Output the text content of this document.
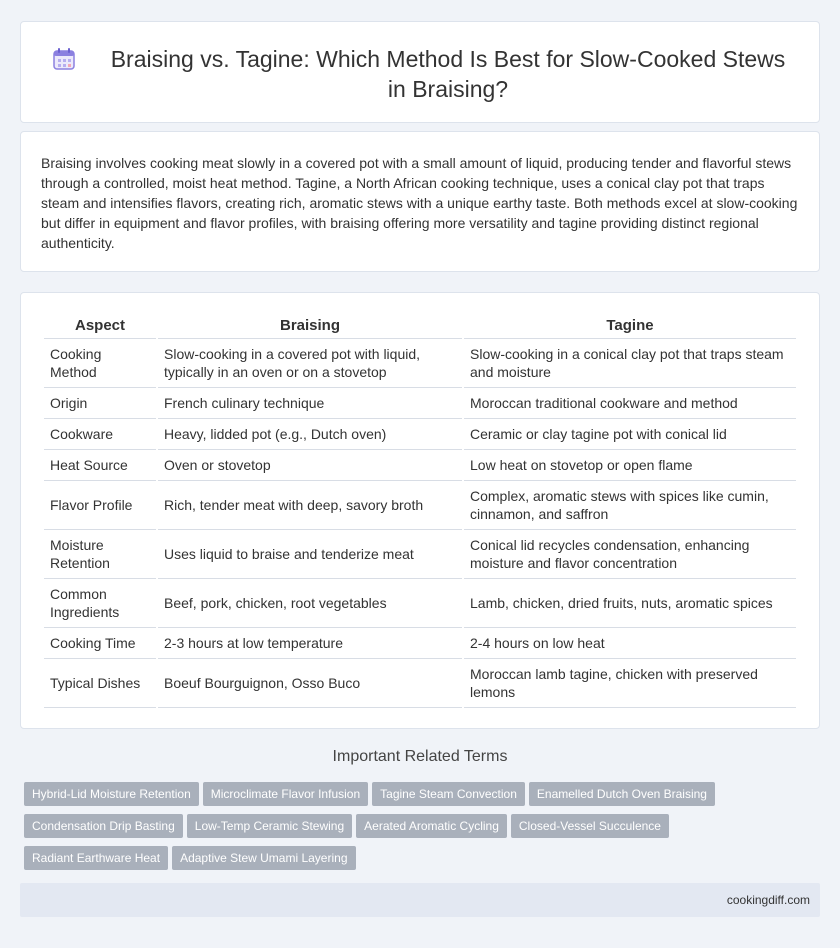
Braising vs. Tagine: Which Method Is Best for Slow-Cooked Stews in Braising?

Braising involves cooking meat slowly in a covered pot with a small amount of liquid, producing tender and flavorful stews through a controlled, moist heat method. Tagine, a North African cooking technique, uses a conical clay pot that traps steam and intensifies flavors, creating rich, aromatic stews with a unique earthy taste. Both methods excel at slow-cooking but differ in equipment and flavor profiles, with braising offering more versatility and tagine providing distinct regional authenticity.

Aspect	Braising	Tagine
Cooking Method	Slow-cooking in a covered pot with liquid, typically in an oven or on a stovetop	Slow-cooking in a conical clay pot that traps steam and moisture
Origin	French culinary technique	Moroccan traditional cookware and method
Cookware	Heavy, lidded pot (e.g., Dutch oven)	Ceramic or clay tagine pot with conical lid
Heat Source	Oven or stovetop	Low heat on stovetop or open flame
Flavor Profile	Rich, tender meat with deep, savory broth	Complex, aromatic stews with spices like cumin, cinnamon, and saffron
Moisture Retention	Uses liquid to braise and tenderize meat	Conical lid recycles condensation, enhancing moisture and flavor concentration
Common Ingredients	Beef, pork, chicken, root vegetables	Lamb, chicken, dried fruits, nuts, aromatic spices
Cooking Time	2-3 hours at low temperature	2-4 hours on low heat
Typical Dishes	Boeuf Bourguignon, Osso Buco	Moroccan lamb tagine, chicken with preserved lemons
Important Related Terms
Hybrid-Lid Moisture Retention Microclimate Flavor Infusion Tagine Steam Convection Enamelled Dutch Oven Braising
Condensation Drip Basting Low-Temp Ceramic Stewing Aerated Aromatic Cycling Closed-Vessel Succulence
Radiant Earthware Heat Adaptive Stew Umami Layering
cookingdiff.com
